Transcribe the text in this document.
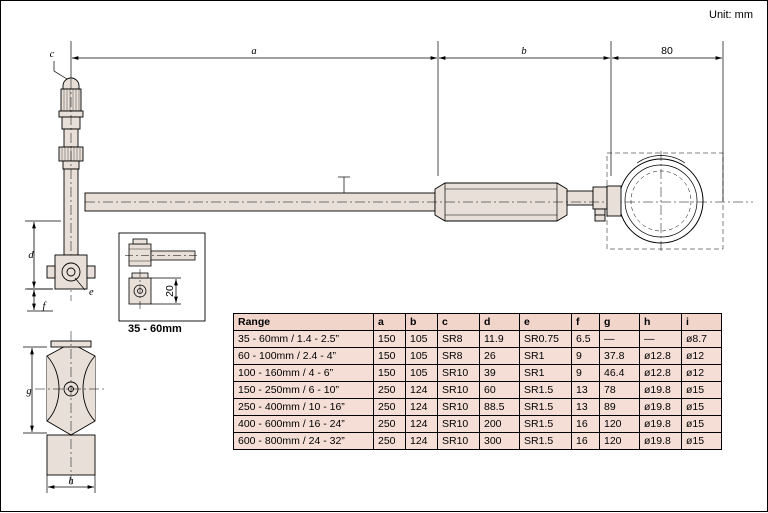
Unit: mm
a	b	80
c
e
d
f
20
g
h
35 - 60mm
Range	a	b	c	d	e	f	g	h	i
35 - 60mm / 1.4 - 2.5”	150	105	SR8	11.9	SR0.75	6.5	—	—	ø8.7
60 - 100mm / 2.4 - 4”	150	105	SR8	26	SR1	9	37.8	ø12.8	ø12
100 - 160mm / 4 - 6”	150	105	SR10	39	SR1	9	46.4	ø12.8	ø12
150 - 250mm / 6 - 10”	250	124	SR10	60	SR1.5	13	78	ø19.8	ø15
250 - 400mm / 10 - 16”	250	124	SR10	88.5	SR1.5	13	89	ø19.8	ø15
400 - 600mm / 16 - 24”	250	124	SR10	200	SR1.5	16	120	ø19.8	ø15
600 - 800mm / 24 - 32”	250	124	SR10	300	SR1.5	16	120	ø19.8	ø15
